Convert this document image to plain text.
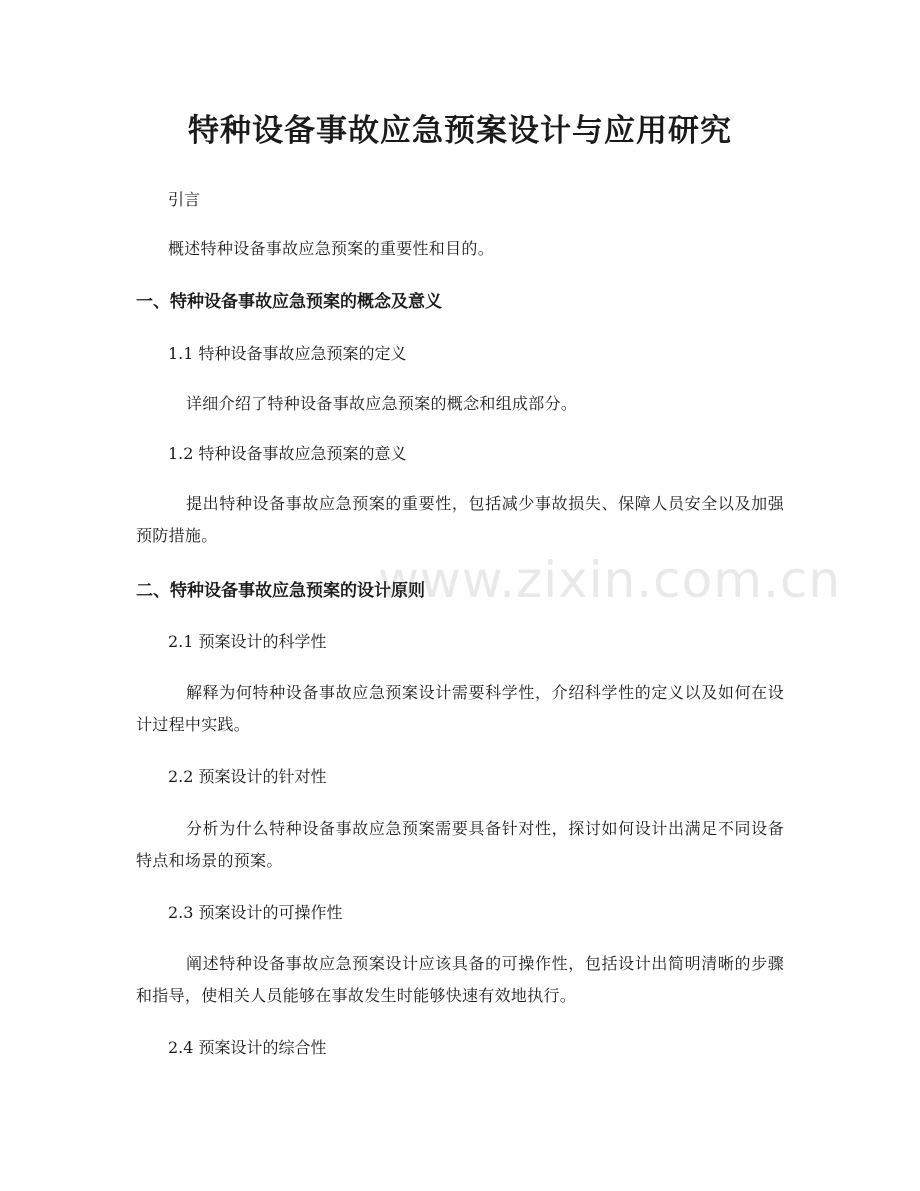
特种设备事故应急预案设计与应用研究

引言

概述特种设备事故应急预案的重要性和目的。

一、特种设备事故应急预案的概念及意义

1.1 特种设备事故应急预案的定义

详细介绍了特种设备事故应急预案的概念和组成部分。

1.2 特种设备事故应急预案的意义

提出特种设备事故应急预案的重要性，包括减少事故损失、保障人员安全以及加强预防措施。

二、特种设备事故应急预案的设计原则

2.1 预案设计的科学性

解释为何特种设备事故应急预案设计需要科学性，介绍科学性的定义以及如何在设计过程中实践。

2.2 预案设计的针对性

分析为什么特种设备事故应急预案需要具备针对性，探讨如何设计出满足不同设备特点和场景的预案。

2.3 预案设计的可操作性

阐述特种设备事故应急预案设计应该具备的可操作性，包括设计出简明清晰的步骤和指导，使相关人员能够在事故发生时能够快速有效地执行。

2.4 预案设计的综合性

www.zixin.com.cn
